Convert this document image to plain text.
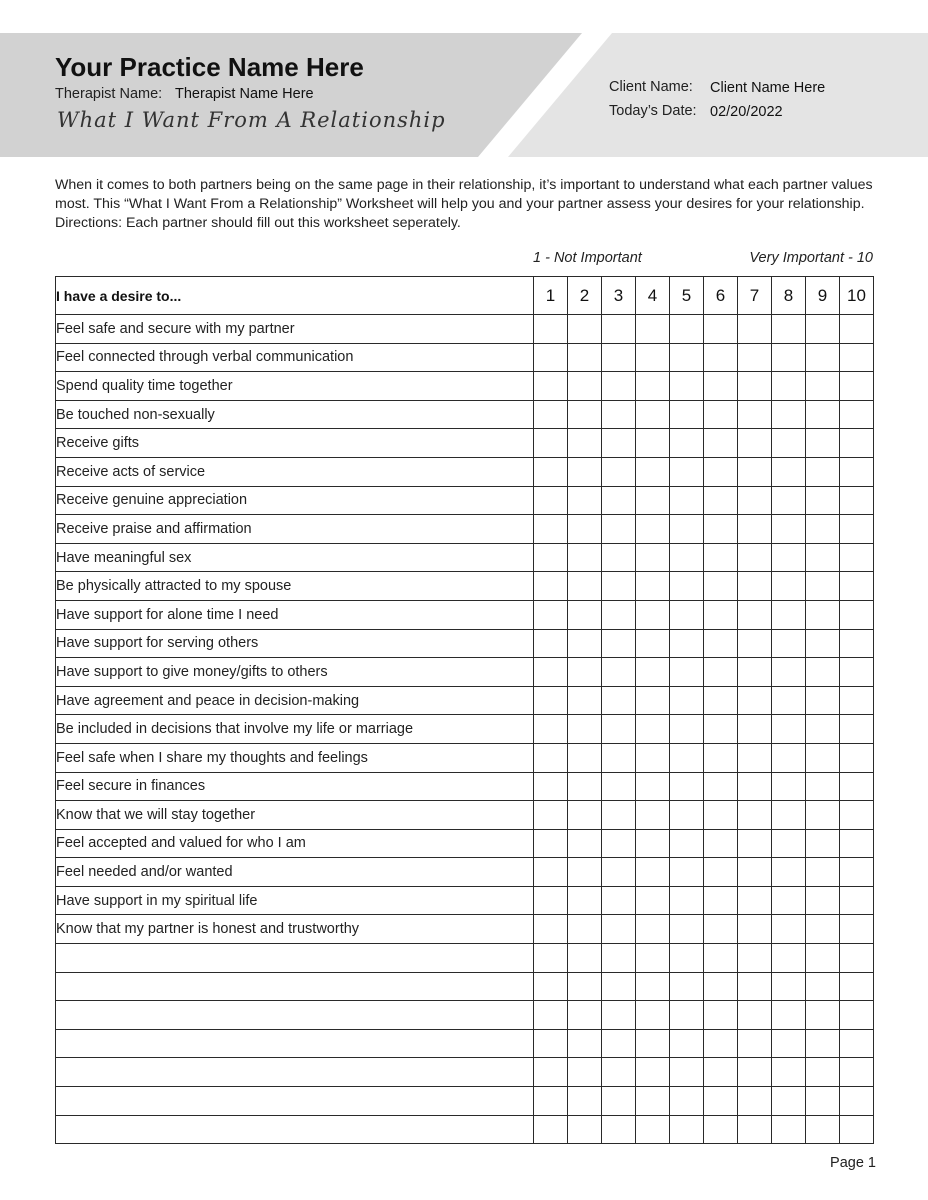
Your Practice Name Here
Therapist Name: Therapist Name Here
What I Want From A Relationship
Client Name: Client Name Here
Today’s Date: 02/20/2022

When it comes to both partners being on the same page in their relationship, it’s important to understand what each partner values most. This “What I Want From a Relationship” Worksheet will help you and your partner assess your desires for your relationship. Directions: Each partner should fill out this worksheet seperately.

1 - Not Important	Very Important - 10
I have a desire to...	1	2	3	4	5	6	7	8	9	10
Feel safe and secure with my partner										
Feel connected through verbal communication										
Spend quality time together										
Be touched non-sexually										
Receive gifts										
Receive acts of service										
Receive genuine appreciation										
Receive praise and affirmation										
Have meaningful sex										
Be physically attracted to my spouse										
Have support for alone time I need										
Have support for serving others										
Have support to give money/gifts to others										
Have agreement and peace in decision-making										
Be included in decisions that involve my life or marriage										
Feel safe when I share my thoughts and feelings										
Feel secure in finances										
Know that we will stay together										
Feel accepted and valued for who I am										
Feel needed and/or wanted										
Have support in my spiritual life										
Know that my partner is honest and trustworthy										

Page 1
